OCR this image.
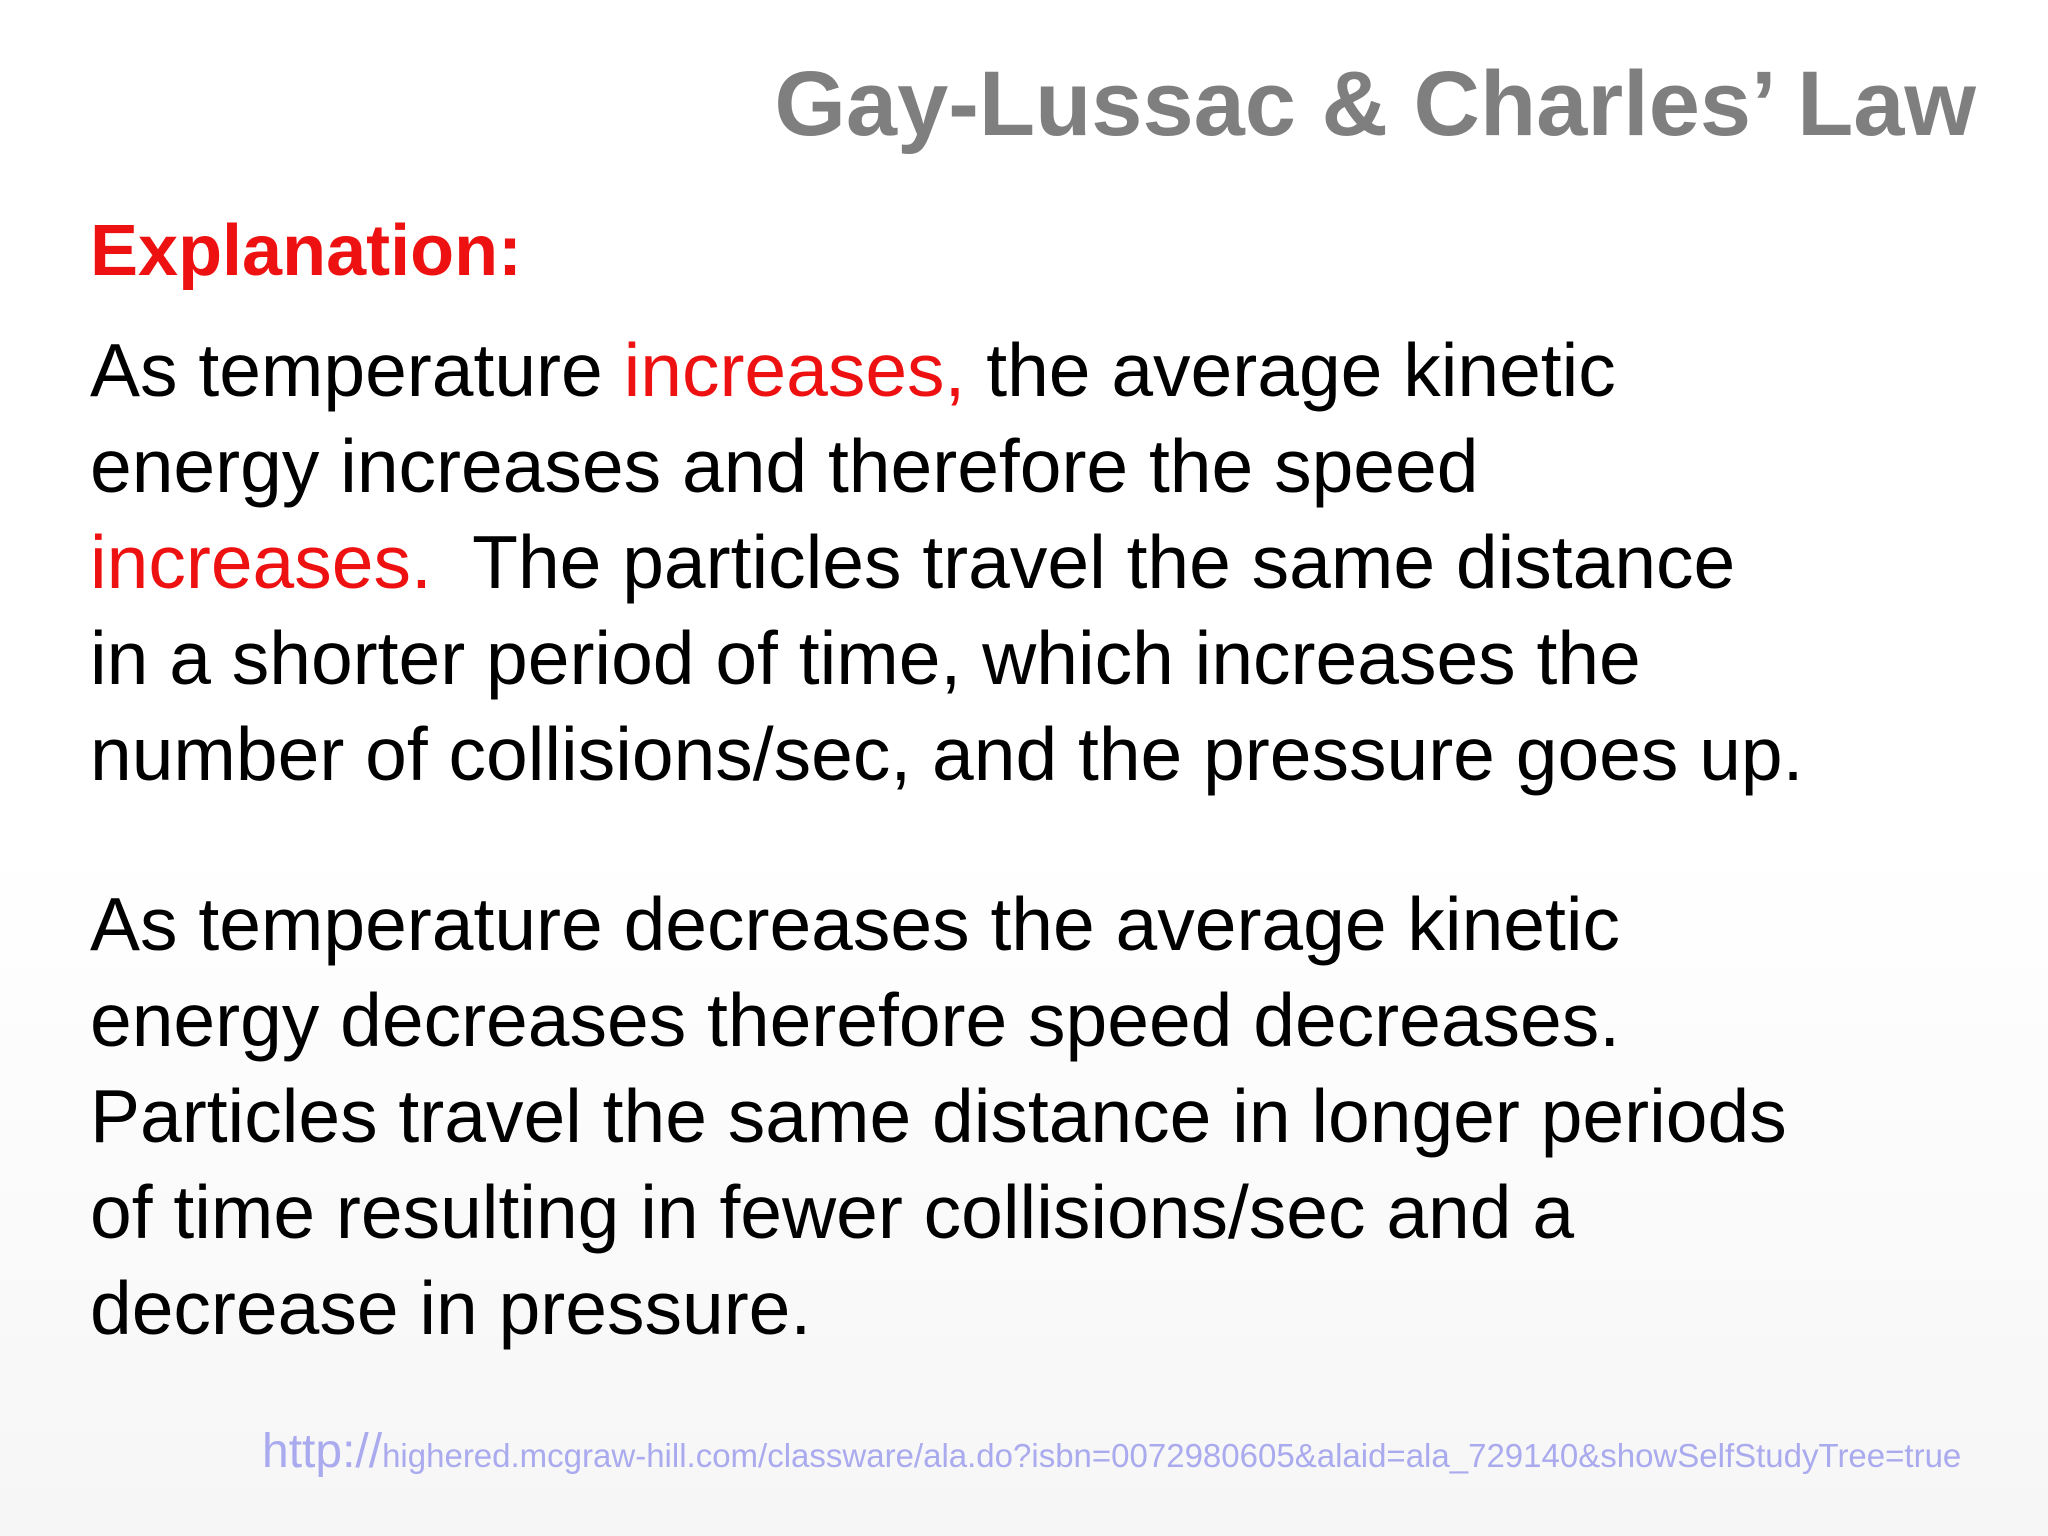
Gay-Lussac & Charles’ Law
Explanation:

As temperature increases, the average kinetic
energy increases and therefore the speed
increases.  The particles travel the same distance
in a shorter period of time, which increases the
number of collisions/sec, and the pressure goes up.

As temperature decreases the average kinetic
energy decreases therefore speed decreases.
Particles travel the same distance in longer periods
of time resulting in fewer collisions/sec and a
decrease in pressure.

http://highered.mcgraw-hill.com/classware/ala.do?isbn=0072980605&alaid=ala_729140&showSelfStudyTree=true
